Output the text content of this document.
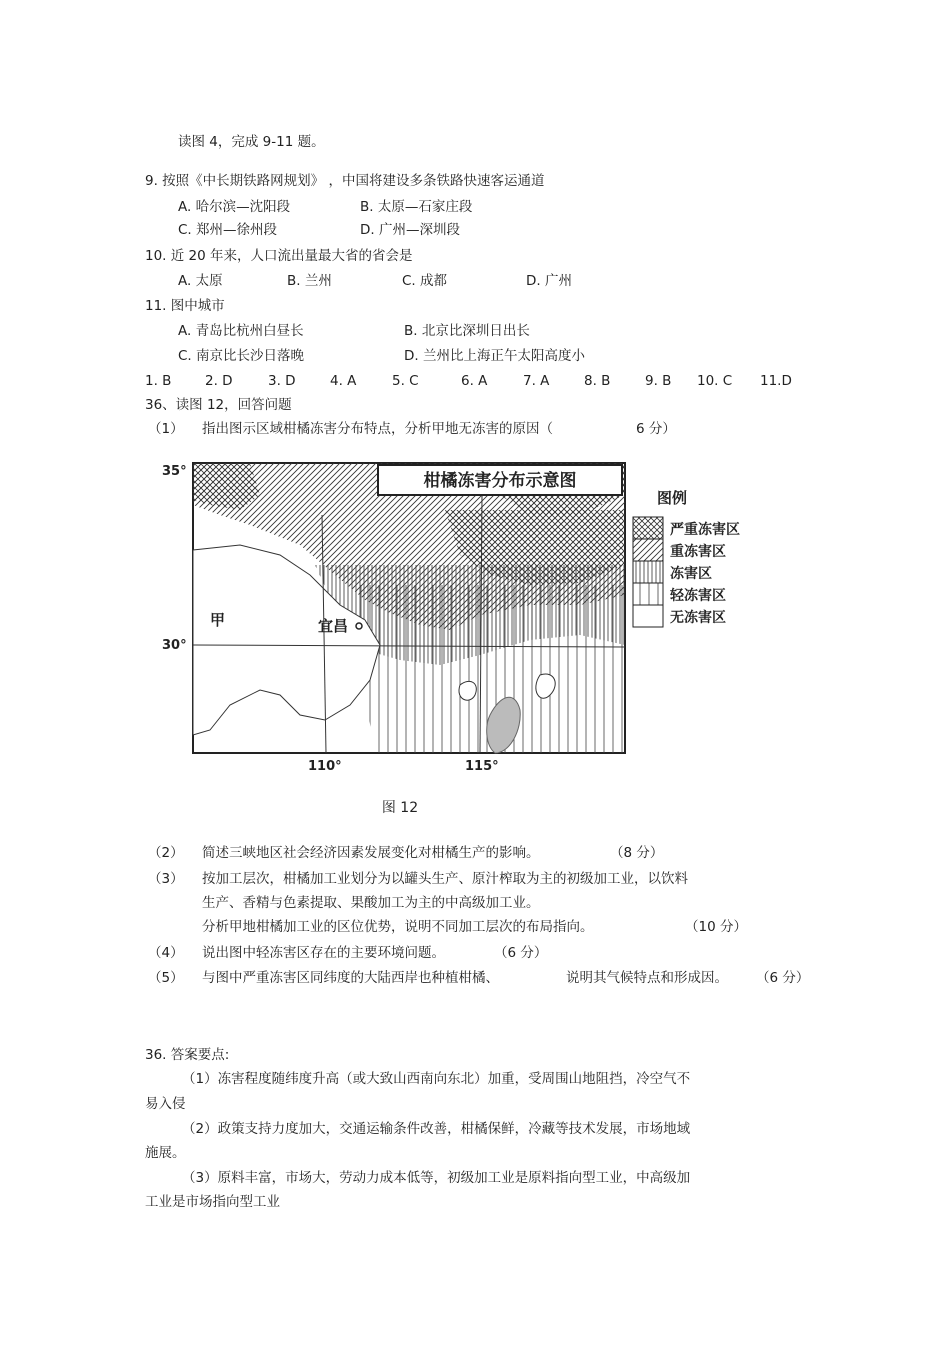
读图 4，完成 9-11 题。
9. 按照《中长期铁路网规划》 ，中国将建设多条铁路快速客运通道
A. 哈尔滨—沈阳段	B. 太原—石家庄段
C. 郑州—徐州段	D. 广州—深圳段
10. 近 20 年来，人口流出量最大省的省会是
A. 太原	B. 兰州	C. 成都	D. 广州
11. 图中城市
A. 青岛比杭州白昼长	B. 北京比深圳日出长
C. 南京比长沙日落晚	D. 兰州比上海正午太阳高度小
1. B 2. D	3. D	4. A	5. C	6. A	7. A	8. B	9. B 10. C 11.D
36、读图 12，回答问题
（1） 指出图示区域柑橘冻害分布特点，分析甲地无冻害的原因（	6 分）
柑橘冻害分布示意图
35°
30°
110°	115°
甲	宜昌
图例
严重冻害区
重冻害区
冻害区
轻冻害区
无冻害区
图 12
（2） 简述三峡地区社会经济因素发展变化对柑橘生产的影响。	（8 分）
（3） 按加工层次，柑橘加工业划分为以罐头生产、原汁榨取为主的初级加工业，以饮料
生产、香精与色素提取、果酸加工为主的中高级加工业。
分析甲地柑橘加工业的区位优势，说明不同加工层次的布局指向。	（10 分）
（4） 说出图中轻冻害区存在的主要环境问题。	（6 分）
（5） 与图中严重冻害区同纬度的大陆西岸也种植柑橘、	说明其气候特点和形成因。 （6 分）
36. 答案要点:
（1）冻害程度随纬度升高（或大致山西南向东北）加重，受周围山地阻挡，冷空气不
易入侵
（2）政策支持力度加大，交通运输条件改善，柑橘保鲜，冷藏等技术发展，市场地域
施展。
（3）原料丰富，市场大，劳动力成本低等，初级加工业是原料指向型工业，中高级加
工业是市场指向型工业
